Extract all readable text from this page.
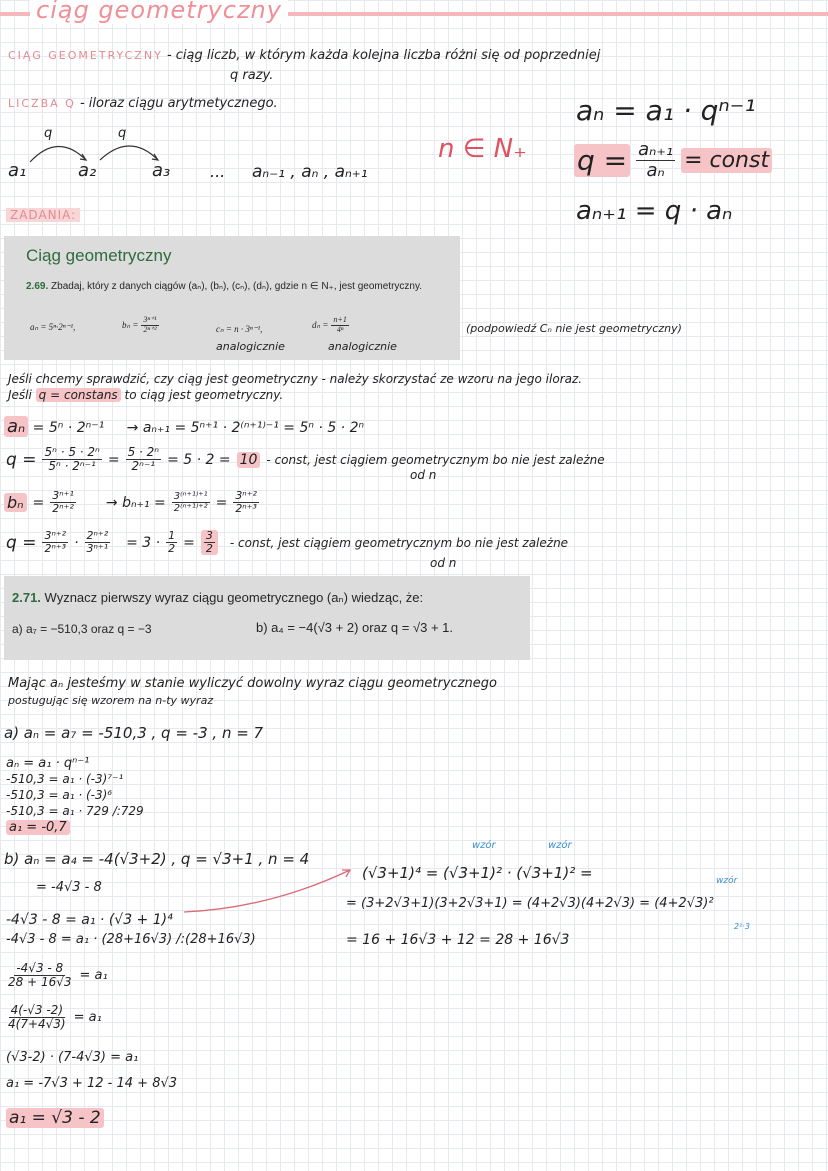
ciąg geometryczny
CIĄG GEOMETRYCZNY - ciąg liczb, w którym każda kolejna liczba różni się od poprzedniej
q razy.
LICZBA Q - iloraz ciągu arytmetycznego.
q	q
a₁	a₂	a₃ ... aₙ₋₁ , aₙ , aₙ₊₁
n ∈ N₊
aₙ = a₁ · qⁿ⁻¹
$q = \frac{\text{aₙ₊₁}}{\text{aₙ}}$ = const
aₙ₊₁ = q · aₙ
ZADANIA:
Ciąg geometryczny
2.69. Zbadaj, który z danych ciągów (aₙ), (bₙ), (cₙ), (dₙ), gdzie n ∈ N₊, jest geometryczny.
aₙ = 5ⁿ·2ⁿ⁻¹,	$b_n = \frac{\text{3ⁿ⁺¹}}{\text{2ⁿ⁺²}}$	cₙ = n · 3ⁿ⁻¹,	$d_n = \frac{n+1}{\text{4ⁿ}}$
analogicznie	analogicznie
(podpowiedź Cₙ nie jest geometryczny)
Jeśli chcemy sprawdzić, czy ciąg jest geometryczny - należy skorzystać ze wzoru na jego iloraz.
Jeśli q = constans to ciąg jest geometryczny.
aₙ = 5ⁿ · 2ⁿ⁻¹ → aₙ₊₁ = 5ⁿ⁺¹ · 2⁽ⁿ⁺¹⁾⁻¹ = 5ⁿ · 5 · 2ⁿ
$q = \frac{\text{5ⁿ · 5 · 2ⁿ}}{\text{5ⁿ · 2ⁿ⁻¹}} = \frac{\text{5 · 2ⁿ}}{\text{2ⁿ⁻¹}} = 5 \cdot 2 = 10$ - const, jest ciągiem geometrycznym bo nie jest zależne
od n
$b_n = \frac{\text{3ⁿ⁺¹}}{\text{2ⁿ⁺²}} \to b_{n+1} = \frac{\text{3⁽ⁿ⁺¹⁾⁺¹}}{\text{2⁽ⁿ⁺¹⁾⁺²}} = \frac{\text{3ⁿ⁺²}}{\text{2ⁿ⁺³}}$
$q = \frac{\text{3ⁿ⁺²}}{\text{2ⁿ⁺³}} \cdot \frac{\text{2ⁿ⁺²}}{\text{3ⁿ⁺¹}} = 3 \cdot \frac{1}{2} = \frac{3}{2}$ - const, jest ciągiem geometrycznym bo nie jest zależne
od n
2.71. Wyznacz pierwszy wyraz ciągu geometrycznego (aₙ) wiedząc, że:
a) a₇ = −510,3 oraz q = −3	b) a₄ = −4(√3 + 2) oraz q = √3 + 1.
Mając aₙ jesteśmy w stanie wyliczyć dowolny wyraz ciągu geometrycznego
postugując się wzorem na n-ty wyraz
a) aₙ = a₇ = -510,3 , q = -3 , n = 7
aₙ = a₁ · qⁿ⁻¹
-510,3 = a₁ · (-3)⁷⁻¹
-510,3 = a₁ · (-3)⁶
-510,3 = a₁ · 729 /:729
a₁ = -0,7
b) aₙ = a₄ = -4(√3+2) , q = √3+1 , n = 4
= -4√3 - 8
-4√3 - 8 = a₁ · (√3 + 1)⁴
-4√3 - 8 = a₁ · (28+16√3) /:(28+16√3)
$\frac{-4√3 - 8}{28 + 16√3} = a_1$
$\frac{4(-√3 -2)}{4(7+4√3)} = a_1$
(√3-2) · (7-4√3) = a₁
a₁ = -7√3 + 12 - 14 + 8√3
a₁ = √3 - 2
wzór	wzór
wzór
(√3+1)⁴ = (√3+1)² · (√3+1)² =
= (3+2√3+1)(3+2√3+1) = (4+2√3)(4+2√3) = (4+2√3)²
2²·3
= 16 + 16√3 + 12 = 28 + 16√3
